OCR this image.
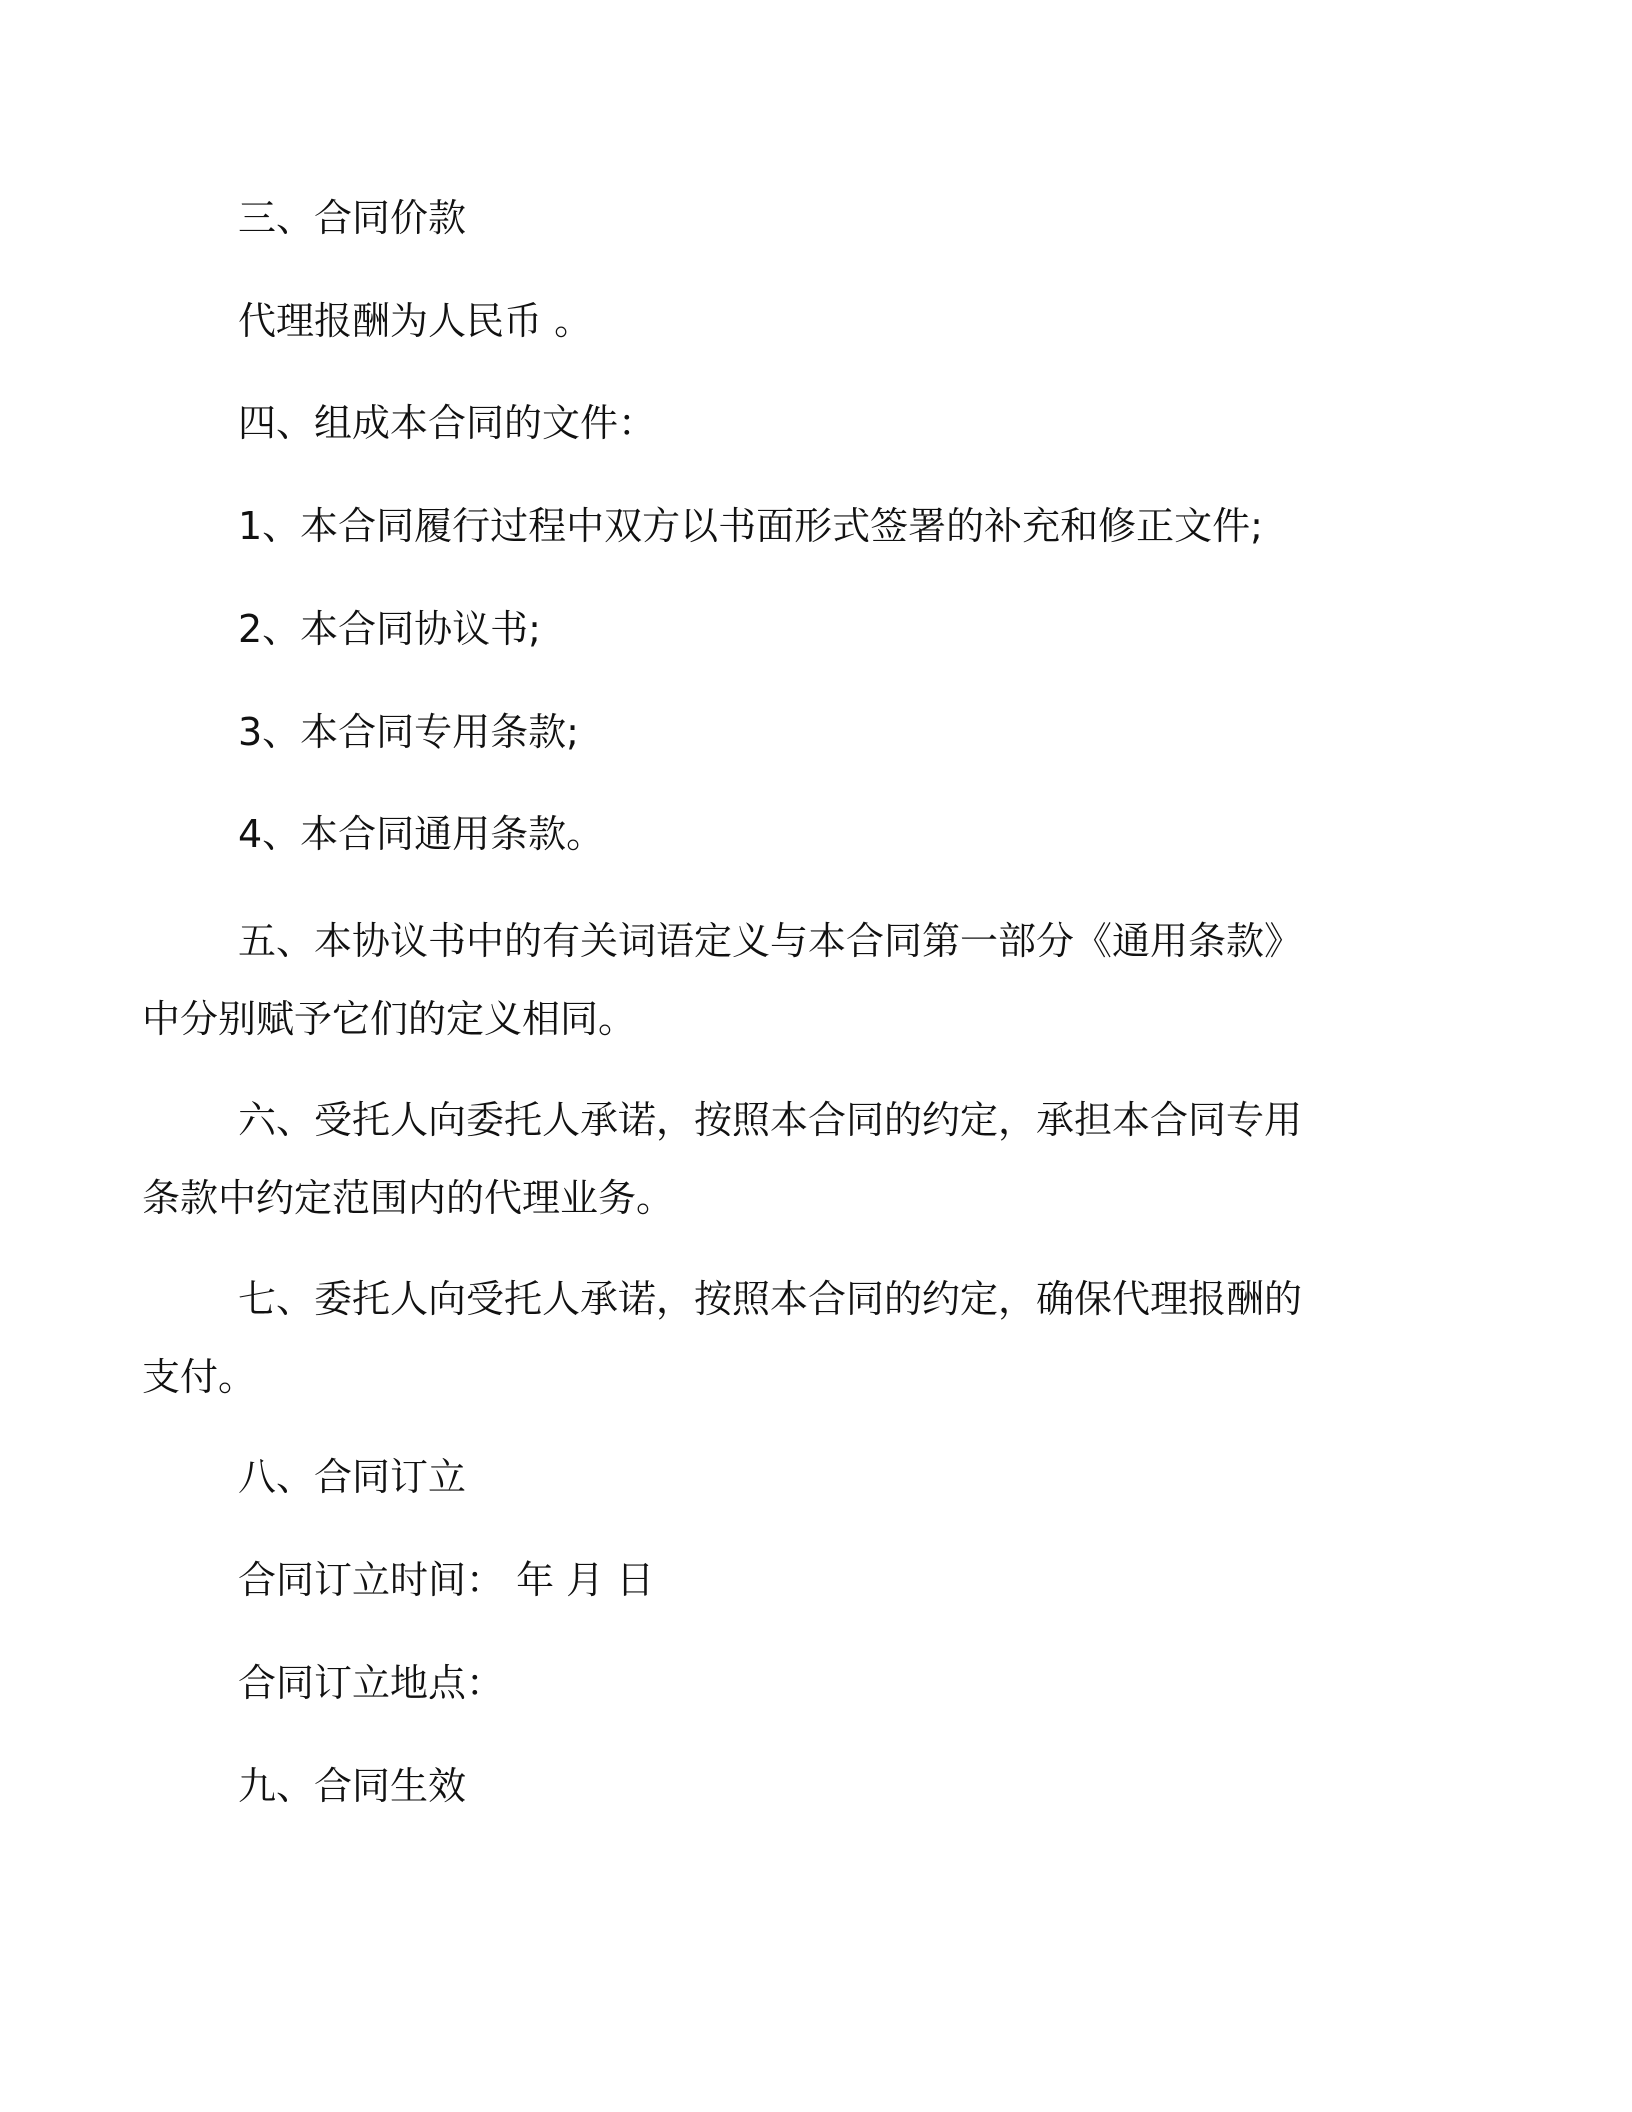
三、合同价款

代理报酬为人民币 。

四、组成本合同的文件：

1、本合同履行过程中双方以书面形式签署的补充和修正文件;

2、本合同协议书;

3、本合同专用条款;

4、本合同通用条款。

五、本协议书中的有关词语定义与本合同第一部分《通用条款》
中分别赋予它们的定义相同。

六、受托人向委托人承诺，按照本合同的约定，承担本合同专用
条款中约定范围内的代理业务。

七、委托人向受托人承诺，按照本合同的约定，确保代理报酬的
支付。

八、合同订立

合同订立时间： 年 月 日

合同订立地点：

九、合同生效
